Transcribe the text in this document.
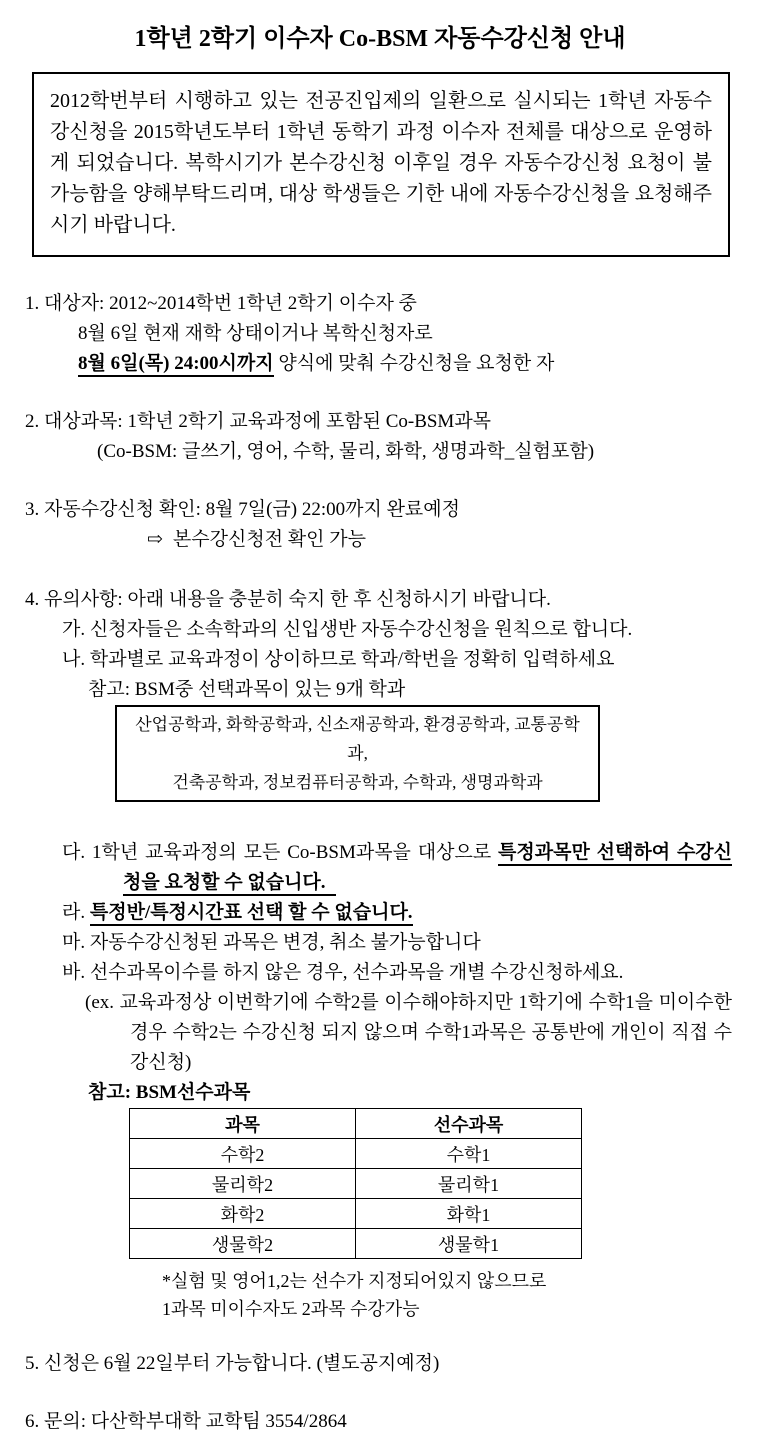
1학년 2학기 이수자 Co-BSM 자동수강신청 안내

2012학번부터 시행하고 있는 전공진입제의 일환으로 실시되는 1학년 자동수강신청을 2015학년도부터 1학년 동학기 과정 이수자 전체를 대상으로 운영하게 되었습니다. 복학시기가 본수강신청 이후일 경우 자동수강신청 요청이 불가능함을 양해부탁드리며, 대상 학생들은 기한 내에 자동수강신청을 요청해주시기 바랍니다.

1. 대상자: 2012~2014학번 1학년 2학기 이수자 중
8월 6일 현재 재학 상태이거나 복학신청자로
8월 6일(목) 24:00시까지 양식에 맞춰 수강신청을 요청한 자
2. 대상과목: 1학년 2학기 교육과정에 포함된 Co-BSM과목
(Co-BSM: 글쓰기, 영어, 수학, 물리, 화학, 생명과학_실험포함)
3. 자동수강신청 확인: 8월 7일(금) 22:00까지 완료예정
⇨ 본수강신청전 확인 가능
4. 유의사항: 아래 내용을 충분히 숙지 한 후 신청하시기 바랍니다.
가. 신청자들은 소속학과의 신입생반 자동수강신청을 원칙으로 합니다.
나. 학과별로 교육과정이 상이하므로 학과/학번을 정확히 입력하세요
참고: BSM중 선택과목이 있는 9개 학과
산업공학과, 화학공학과, 신소재공학과, 환경공학과, 교통공학과,
건축공학과, 정보컴퓨터공학과, 수학과, 생명과학과
다. 1학년 교육과정의 모든 Co-BSM과목을 대상으로 특정과목만 선택하여 수강신청을 요청할 수 없습니다.
라. 특정반/특정시간표 선택 할 수 없습니다.
마. 자동수강신청된 과목은 변경, 취소 불가능합니다
바. 선수과목이수를 하지 않은 경우, 선수과목을 개별 수강신청하세요.
(ex. 교육과정상 이번학기에 수학2를 이수해야하지만 1학기에 수학1을 미이수한 경우 수학2는 수강신청 되지 않으며 수학1과목은 공통반에 개인이 직접 수강신청)
참고: BSM선수과목
과목	선수과목
수학2	수학1
물리학2	물리학1
화학2	화학1
생물학2	생물학1
*실험 및 영어1,2는 선수가 지정되어있지 않으므로
1과목 미이수자도 2과목 수강가능
5. 신청은 6월 22일부터 가능합니다. (별도공지예정)
6. 문의: 다산학부대학 교학팀 3554/2864
